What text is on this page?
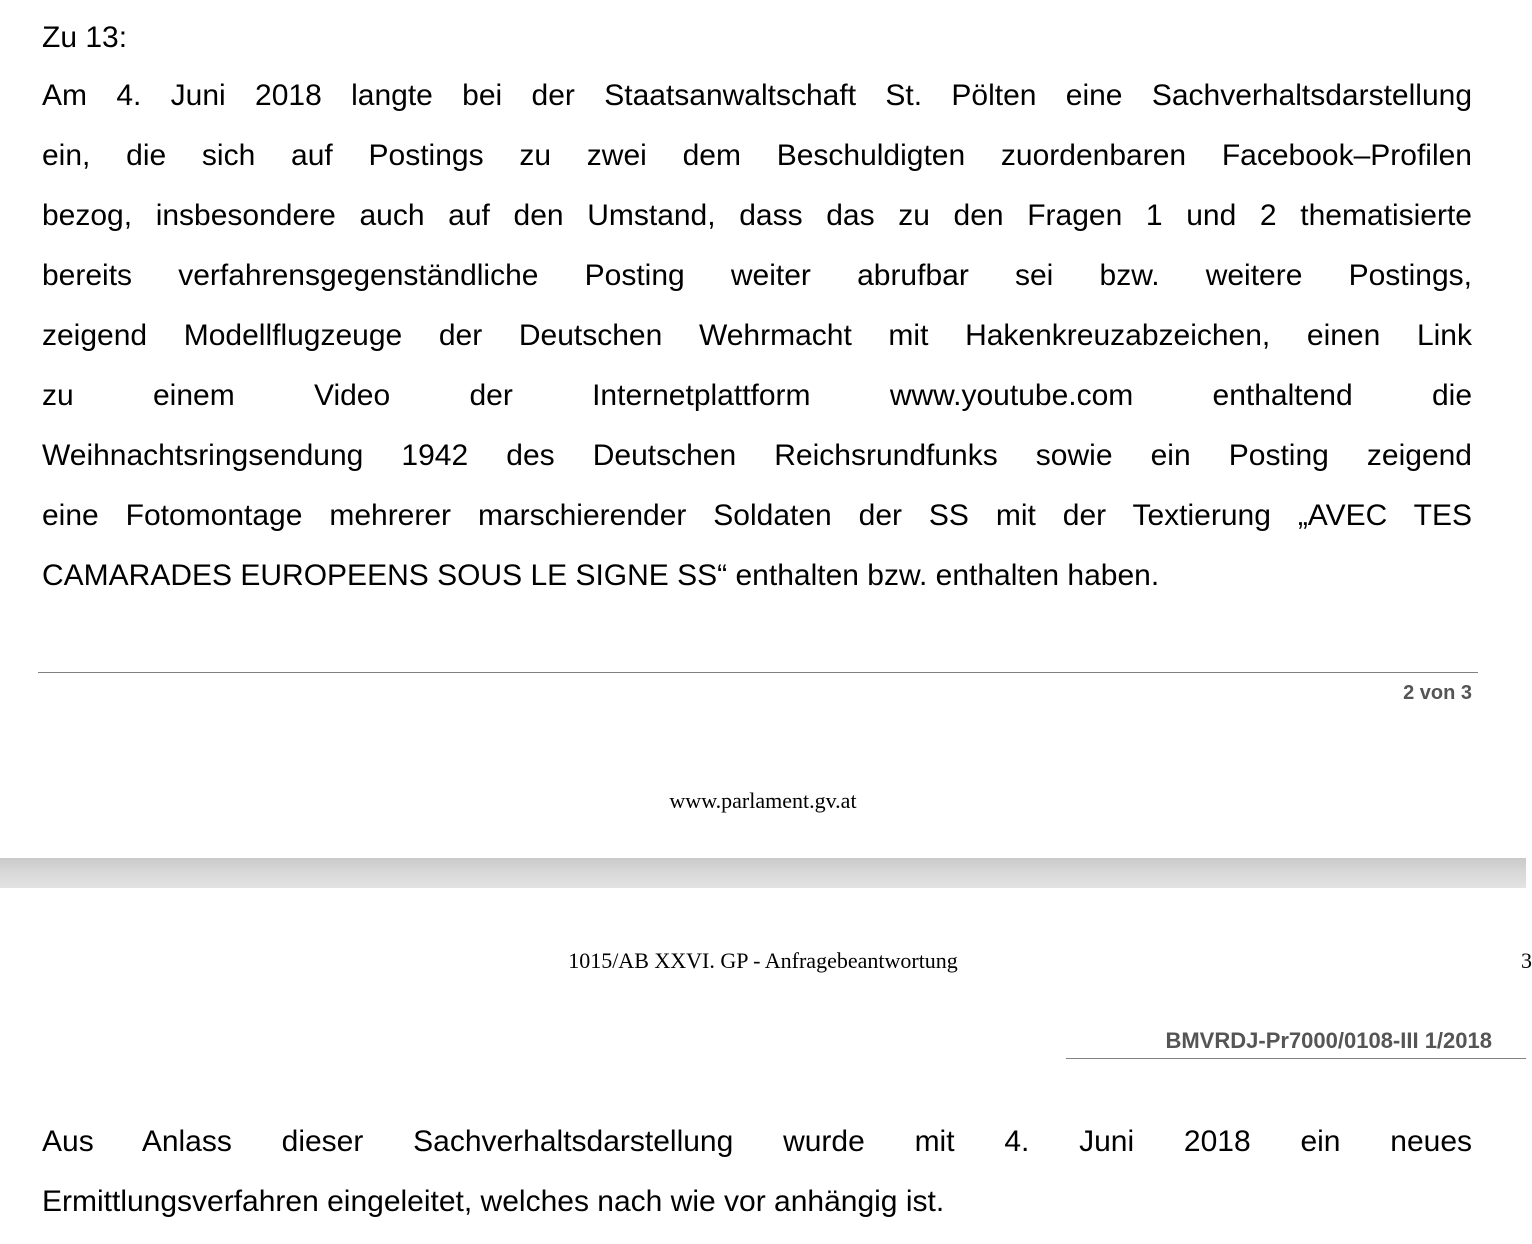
Zu 13:

Am 4. Juni 2018 langte bei der Staatsanwaltschaft St. Pölten eine Sachverhaltsdarstellung
ein, die sich auf Postings zu zwei dem Beschuldigten zuordenbaren Facebook–Profilen
bezog, insbesondere auch auf den Umstand, dass das zu den Fragen 1 und 2 thematisierte
bereits verfahrensgegenständliche Posting weiter abrufbar sei bzw. weitere Postings,
zeigend Modellflugzeuge der Deutschen Wehrmacht mit Hakenkreuzabzeichen, einen Link
zu einem Video der Internetplattform www.youtube.com enthaltend die
Weihnachtsringsendung 1942 des Deutschen Reichsrundfunks sowie ein Posting zeigend
eine Fotomontage mehrerer marschierender Soldaten der SS mit der Textierung „AVEC TES
CAMARADES EUROPEENS SOUS LE SIGNE SS“ enthalten bzw. enthalten haben.
2 von 3
www.parlament.gv.at
1015/AB XXVI. GP - Anfragebeantwortung	3
BMVRDJ-Pr7000/0108-III 1/2018
Aus Anlass dieser Sachverhaltsdarstellung wurde mit 4. Juni 2018 ein neues
Ermittlungsverfahren eingeleitet, welches nach wie vor anhängig ist.
